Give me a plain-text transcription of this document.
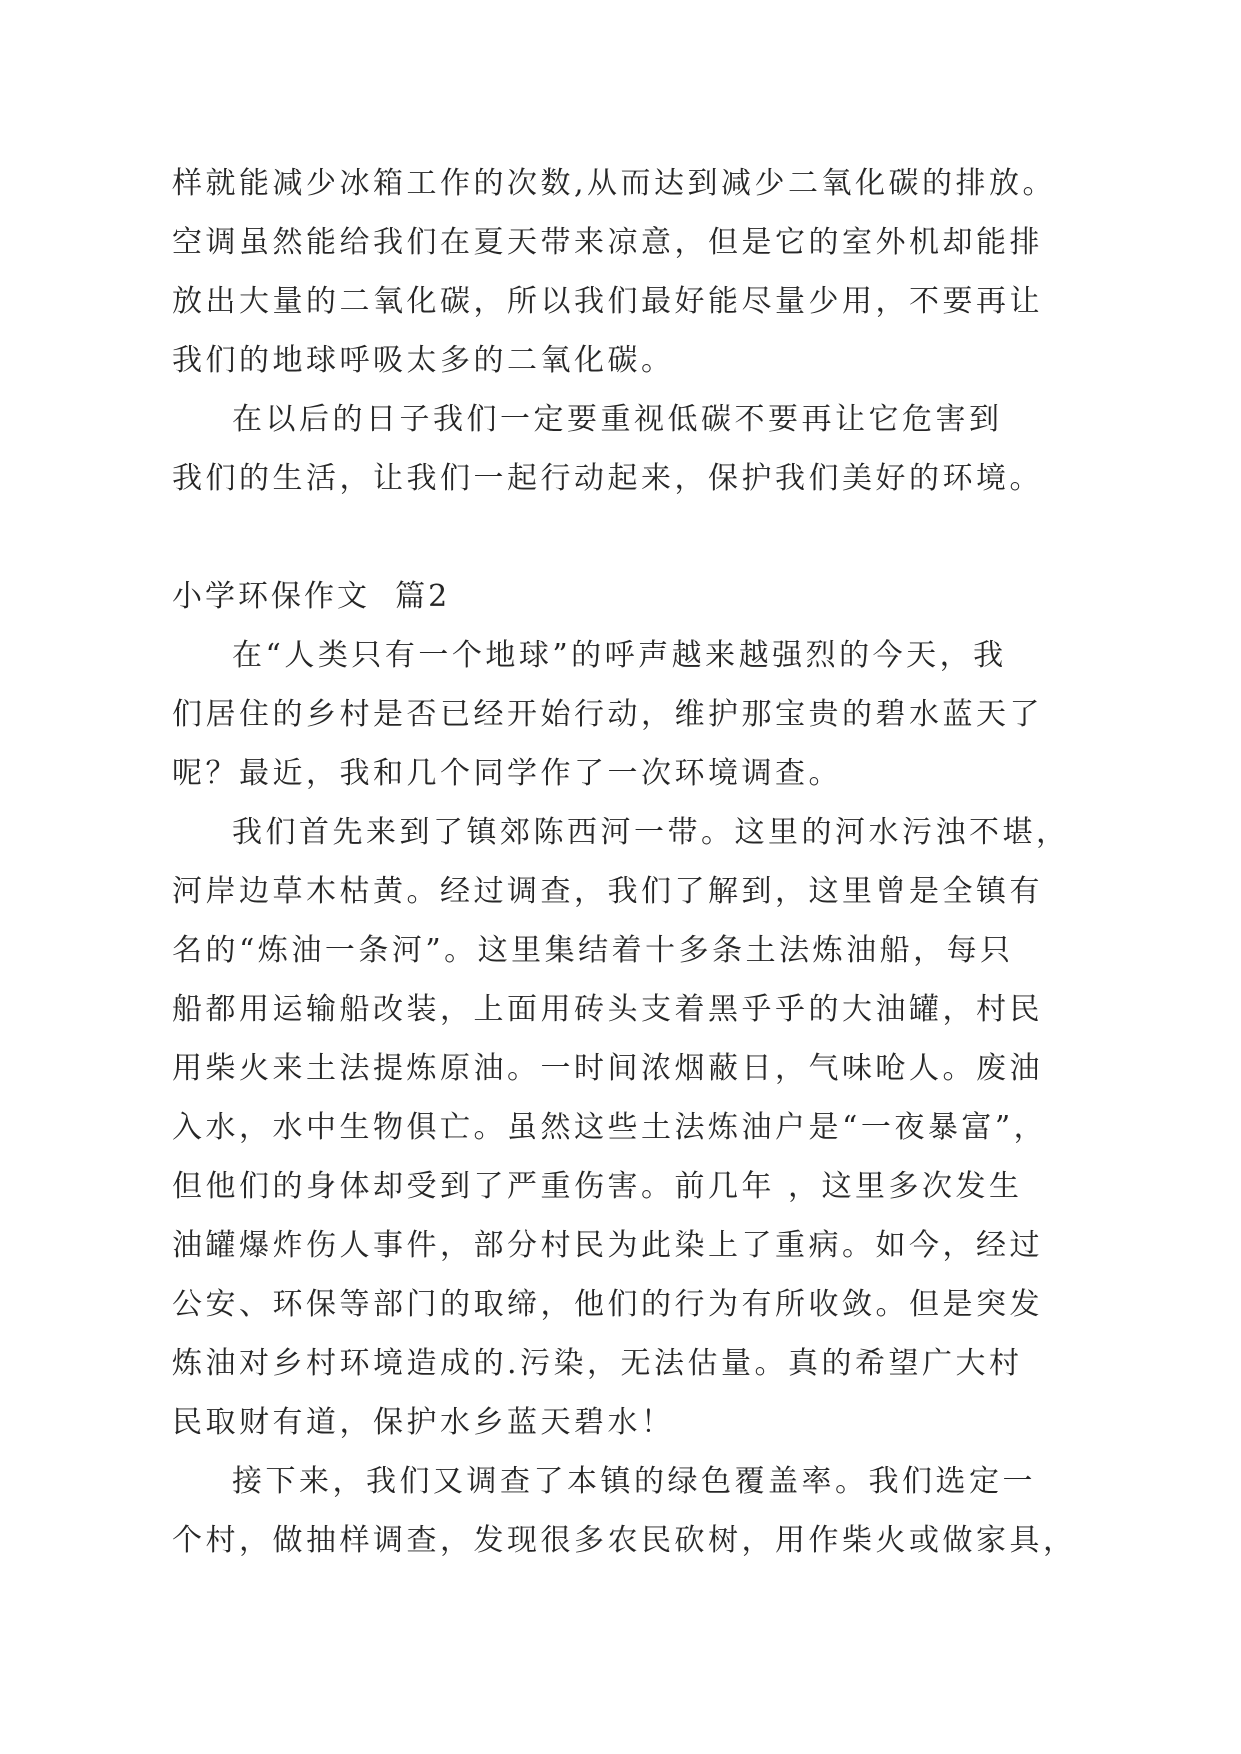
样就能减少冰箱工作的次数,从而达到减少二氧化碳的排放。
空调虽然能给我们在夏天带来凉意，但是它的室外机却能排
放出大量的二氧化碳，所以我们最好能尽量少用，不要再让
我们的地球呼吸太多的二氧化碳。
在以后的日子我们一定要重视低碳不要再让它危害到
我们的生活，让我们一起行动起来，保护我们美好的环境。
小学环保作文  篇2
在“人类只有一个地球”的呼声越来越强烈的今天，我
们居住的乡村是否已经开始行动，维护那宝贵的碧水蓝天了
呢？最近，我和几个同学作了一次环境调查。
我们首先来到了镇郊陈西河一带。这里的河水污浊不堪，
河岸边草木枯黄。经过调查，我们了解到，这里曾是全镇有
名的“炼油一条河”。这里集结着十多条土法炼油船，每只
船都用运输船改装，上面用砖头支着黑乎乎的大油罐，村民
用柴火来土法提炼原油。一时间浓烟蔽日，气味呛人。废油
入水，水中生物俱亡。虽然这些土法炼油户是“一夜暴富”，
但他们的身体却受到了严重伤害。前几年 ，这里多次发生
油罐爆炸伤人事件，部分村民为此染上了重病。如今，经过
公安、环保等部门的取缔，他们的行为有所收敛。但是突发
炼油对乡村环境造成的.污染，无法估量。真的希望广大村
民取财有道，保护水乡蓝天碧水！
接下来，我们又调查了本镇的绿色覆盖率。我们选定一
个村，做抽样调查，发现很多农民砍树，用作柴火或做家具，
